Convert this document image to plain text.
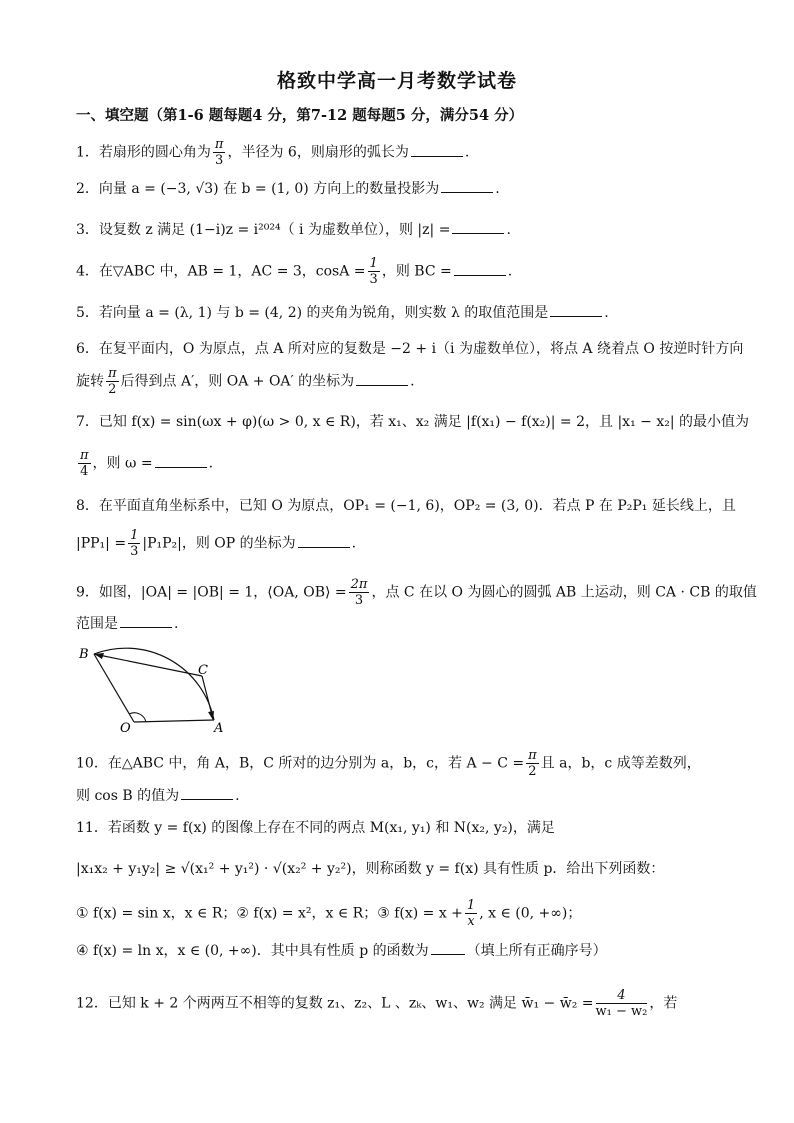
格致中学高一月考数学试卷
一、填空题（第1-6 题每题4 分，第7-12 题每题5 分，满分54 分）
1．若扇形的圆心角为 $\frac{\pi}{3}$ ，半径为 6，则扇形的弧长为	.
2．向量 a = (−3, √3) 在 b = (1, 0) 方向上的数量投影为	.
3．设复数 z 满足 (1−i)z = i²⁰²⁴（ i 为虚数单位），则 |z| =	.
4．在▽ABC 中，AB = 1，AC = 3，$\cos A = \frac{1}{3}$ ，则 BC =	.
5．若向量 a = (λ, 1) 与 b = (4, 2) 的夹角为锐角，则实数 λ 的取值范围是	.
6．在复平面内，O 为原点，点 A 所对应的复数是 −2 + i（i 为虚数单位），将点 A 绕着点 O 按逆时针方向
旋转 $\frac{\pi}{2}$ 后得到点 A′，则 OA + OA′ 的坐标为	.
7．已知 f(x) = sin(ωx + φ)(ω > 0, x ∈ R)，若 x₁、x₂ 满足 |f(x₁) − f(x₂)| = 2，且 |x₁ − x₂| 的最小值为
$\frac{\pi}{4}$ ，则 ω =	.
8．在平面直角坐标系中，已知 O 为原点，OP₁ = (−1, 6)，OP₂ = (3, 0)．若点 P 在 P₂P₁ 延长线上，且
$|PP_1| = \frac{1}{3} |P_1P_2|$，则 OP 的坐标为	.
9．如图，|OA| = |OB| = 1，⟨OA, OB⟩ = $\frac{2\pi}{3}$ ，点 C 在以 O 为圆心的圆弧 AB 上运动，则 CA · CB 的取值
范围是	.
B
C
O	A
10．在△ABC 中，角 A，B，C 所对的边分别为 a，b，c，若 $A - C = \frac{\pi}{2}$ 且 a，b，c 成等差数列，
则 cos B 的值为	.
11．若函数 y = f(x) 的图像上存在不同的两点 M(x₁, y₁) 和 N(x₂, y₂)，满足
|x₁x₂ + y₁y₂| ≥ √(x₁² + y₁²) · √(x₂² + y₂²)，则称函数 y = f(x) 具有性质 p．给出下列函数：
① f(x) = sin x，x ∈ R；② f(x) = x²，x ∈ R；③ $f(x) = x + \frac{1}{x}$ , x ∈ (0, +∞)；
④ f(x) = ln x，x ∈ (0, +∞)．其中具有性质 p 的函数为	（填上所有正确序号）
12．已知 k + 2 个两两互不相等的复数 z₁、z₂、L 、zₖ、w₁、w₂ 满足 w̄₁ − w̄₂ = $\frac{4}{\text{w₁ − w₂}}$ ，若
